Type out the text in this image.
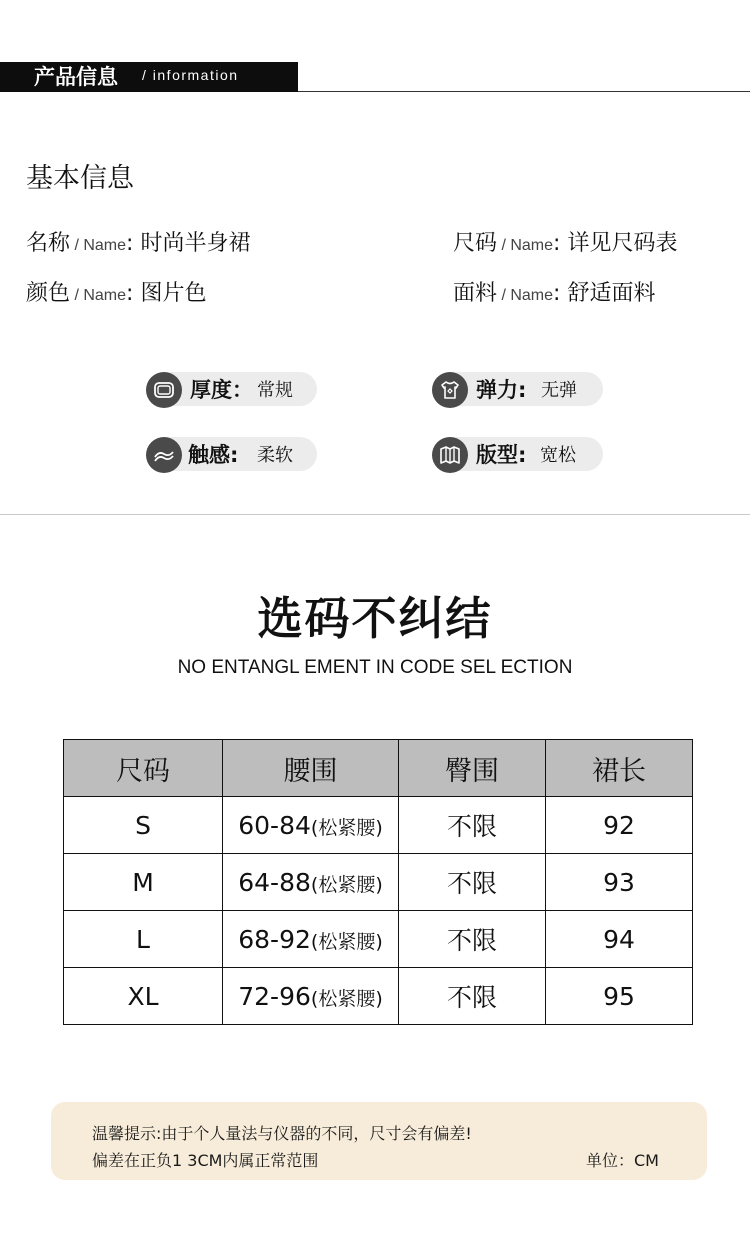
产品信息 / information
基本信息
名称 / Name: 时尚半身裙	尺码 / Name: 详见尺码表
颜色 / Name: 图片色	面料 / Name: 舒适面料
厚度： 常规	弹力: 无弹
触感: 柔软	版型: 宽松
选码不纠结
NO ENTANGL EMENT IN CODE SEL ECTION
尺码	腰围	臀围	裙长
S	60-84(松紧腰)	不限	92
M	64-88(松紧腰)	不限	93
L	68-92(松紧腰)	不限	94
XL	72-96(松紧腰)	不限	95
温馨提示:由于个人量法与仪器的不同，尺寸会有偏差!
偏差在正负1 3CM内属正常范围	单位：CM
